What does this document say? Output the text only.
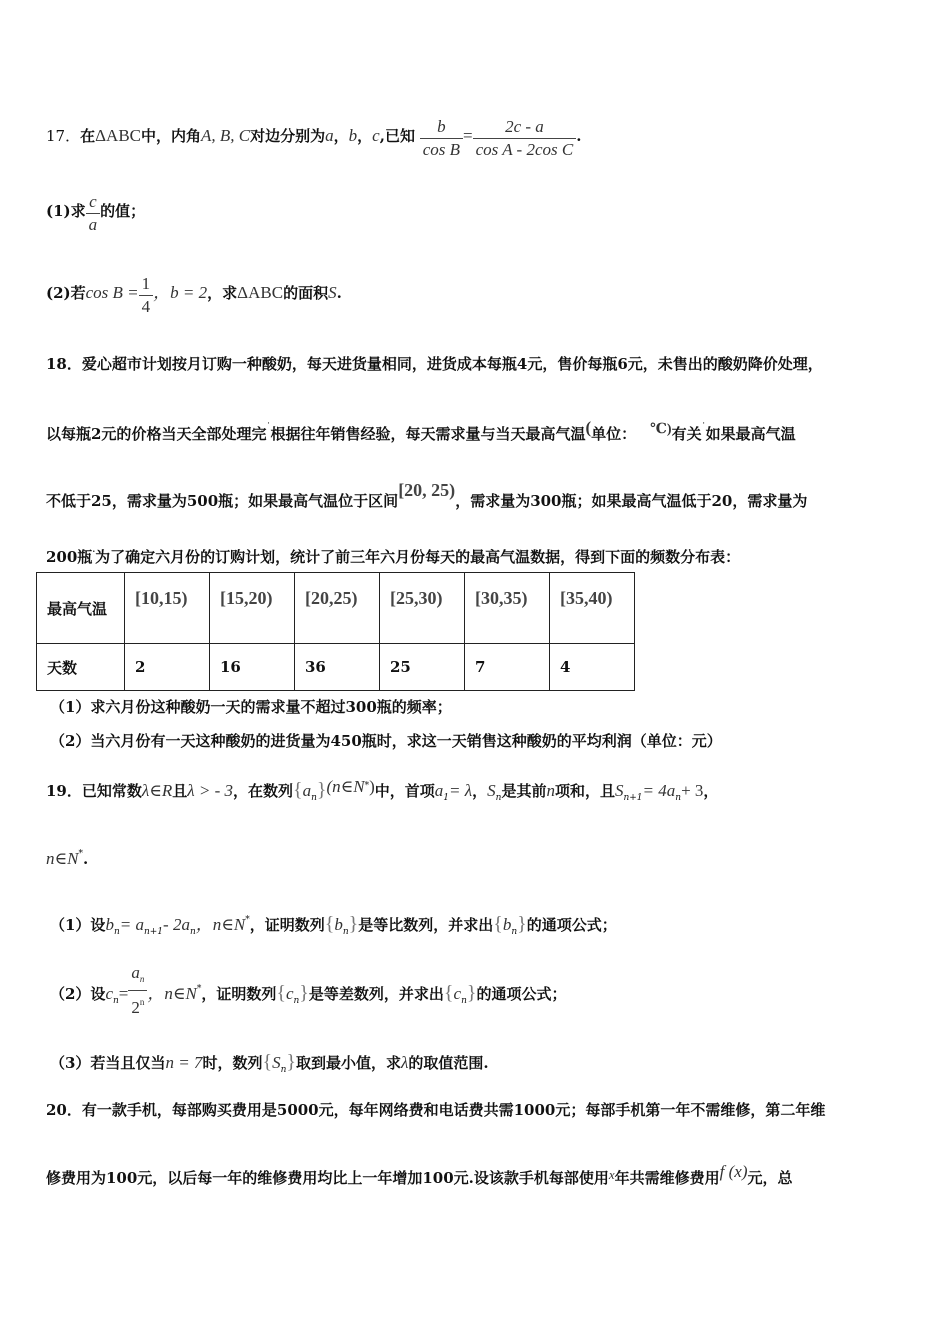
17．在ΔABC中，内角A, B, C对边分别为a，b，c,已知 $\frac{b}{\text{cos B}} = \frac{2c - a}{\text{cos A - 2cos C}}$ .
(1)求 $\frac{c}{a}$ 的值；
(2)若$\cos B = \frac{1}{4}$ ，b = 2，求ΔABC的面积S.
18．爱心超市计划按月订购一种酸奶，每天进货量相同，进货成本每瓶4元，售价每瓶6元，未售出的酸奶降价处理，
以每瓶2元的价格当天全部处理完˙根据往年销售经验，每天需求量与当天最高气温(单位： ℃)有关˙如果最高气温
不低于25，需求量为500瓶；如果最高气温位于区间[20, 25)，需求量为300瓶；如果最高气温低于20，需求量为
200瓶·为了确定六月份的订购计划，统计了前三年六月份每天的最高气温数据，得到下面的频数分布表：
最高气温	[10,15)	[15,20)	[20,25)	[25,30)	[30,35)	[35,40)
天数	2	16	36	25	7	4
（1）求六月份这种酸奶一天的需求量不超过300瓶的频率；
（2）当六月份有一天这种酸奶的进货量为450瓶时，求这一天销售这种酸奶的平均利润（单位：元）
19．已知常数λ∈R且λ > - 3，在数列$\{a_n\}(n\in N^*)$中，首项$a_1= \lambda$，$S_n$是其前n项和，且$S_{n+1}= 4a_n+ 3$，
n∈N*.
（1）设$b_n= a_{n+1}-$ $2a_n$，n∈N*，证明数列$\{b_n\}$是等比数列，并求出$\{b_n\}$的通项公式；
（2）设$c_n= \frac{a_n}{2^n}$ ，n∈N*，证明数列$\{c_n\}$是等差数列，并求出$\{c_n\}$的通项公式；
（3）若当且仅当n = 7时，数列$\{S_n\}$取到最小值，求λ的取值范围.
20．有一款手机，每部购买费用是5000元，每年网络费和电话费共需1000元；每部手机第一年不需维修，第二年维
修费用为100元，以后每一年的维修费用均比上一年增加100元.设该款手机每部使用x年共需维修费用f (x)元，总
